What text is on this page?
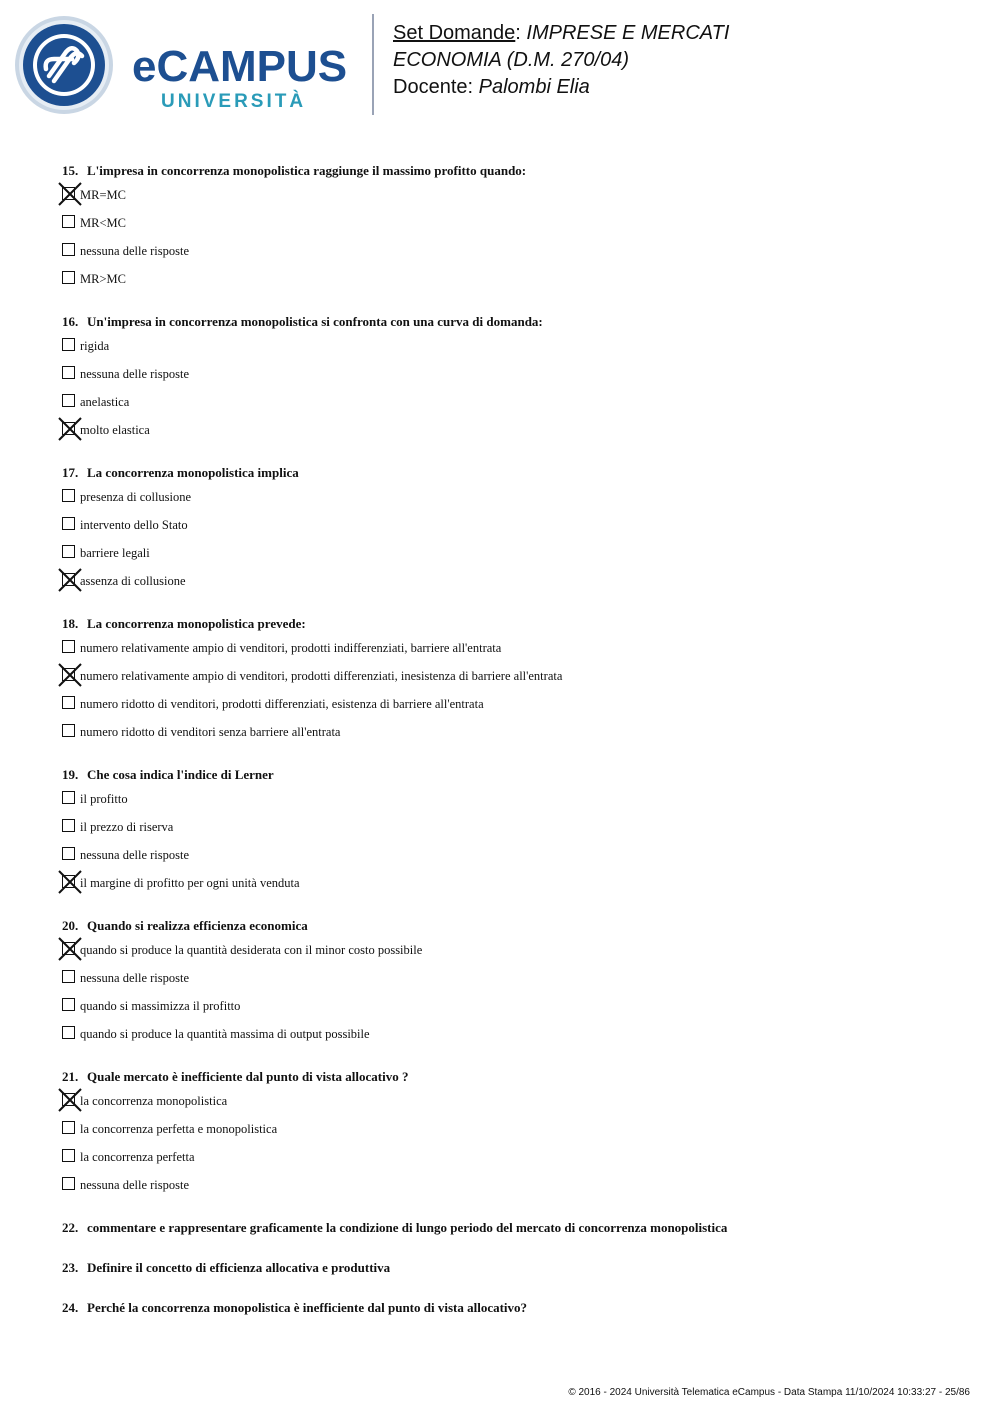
eCAMPUS
UNIVERSITÀ
Set Domande: IMPRESE E MERCATI
ECONOMIA (D.M. 270/04)
Docente: Palombi Elia
15. L'impresa in concorrenza monopolistica raggiunge il massimo profitto quando:
MR=MC
MR<MC
nessuna delle risposte
MR>MC
16. Un'impresa in concorrenza monopolistica si confronta con una curva di domanda:
rigida
nessuna delle risposte
anelastica
molto elastica
17. La concorrenza monopolistica implica
presenza di collusione
intervento dello Stato
barriere legali
assenza di collusione
18. La concorrenza monopolistica prevede:
numero relativamente ampio di venditori, prodotti indifferenziati, barriere all'entrata
numero relativamente ampio di venditori, prodotti differenziati, inesistenza di barriere all'entrata
numero ridotto di venditori, prodotti differenziati, esistenza di barriere all'entrata
numero ridotto di venditori senza barriere all'entrata
19. Che cosa indica l'indice di Lerner
il profitto
il prezzo di riserva
nessuna delle risposte
il margine di profitto per ogni unità venduta
20. Quando si realizza efficienza economica
quando si produce la quantità desiderata con il minor costo possibile
nessuna delle risposte
quando si massimizza il profitto
quando si produce la quantità massima di output possibile
21. Quale mercato è inefficiente dal punto di vista allocativo ?
la concorrenza monopolistica
la concorrenza perfetta e monopolistica
la concorrenza perfetta
nessuna delle risposte
22. commentare e rappresentare graficamente la condizione di lungo periodo del mercato di concorrenza monopolistica
23. Definire il concetto di efficienza allocativa e produttiva
24. Perché la concorrenza monopolistica è inefficiente dal punto di vista allocativo?
© 2016 - 2024 Università Telematica eCampus - Data Stampa 11/10/2024 10:33:27 - 25/86
